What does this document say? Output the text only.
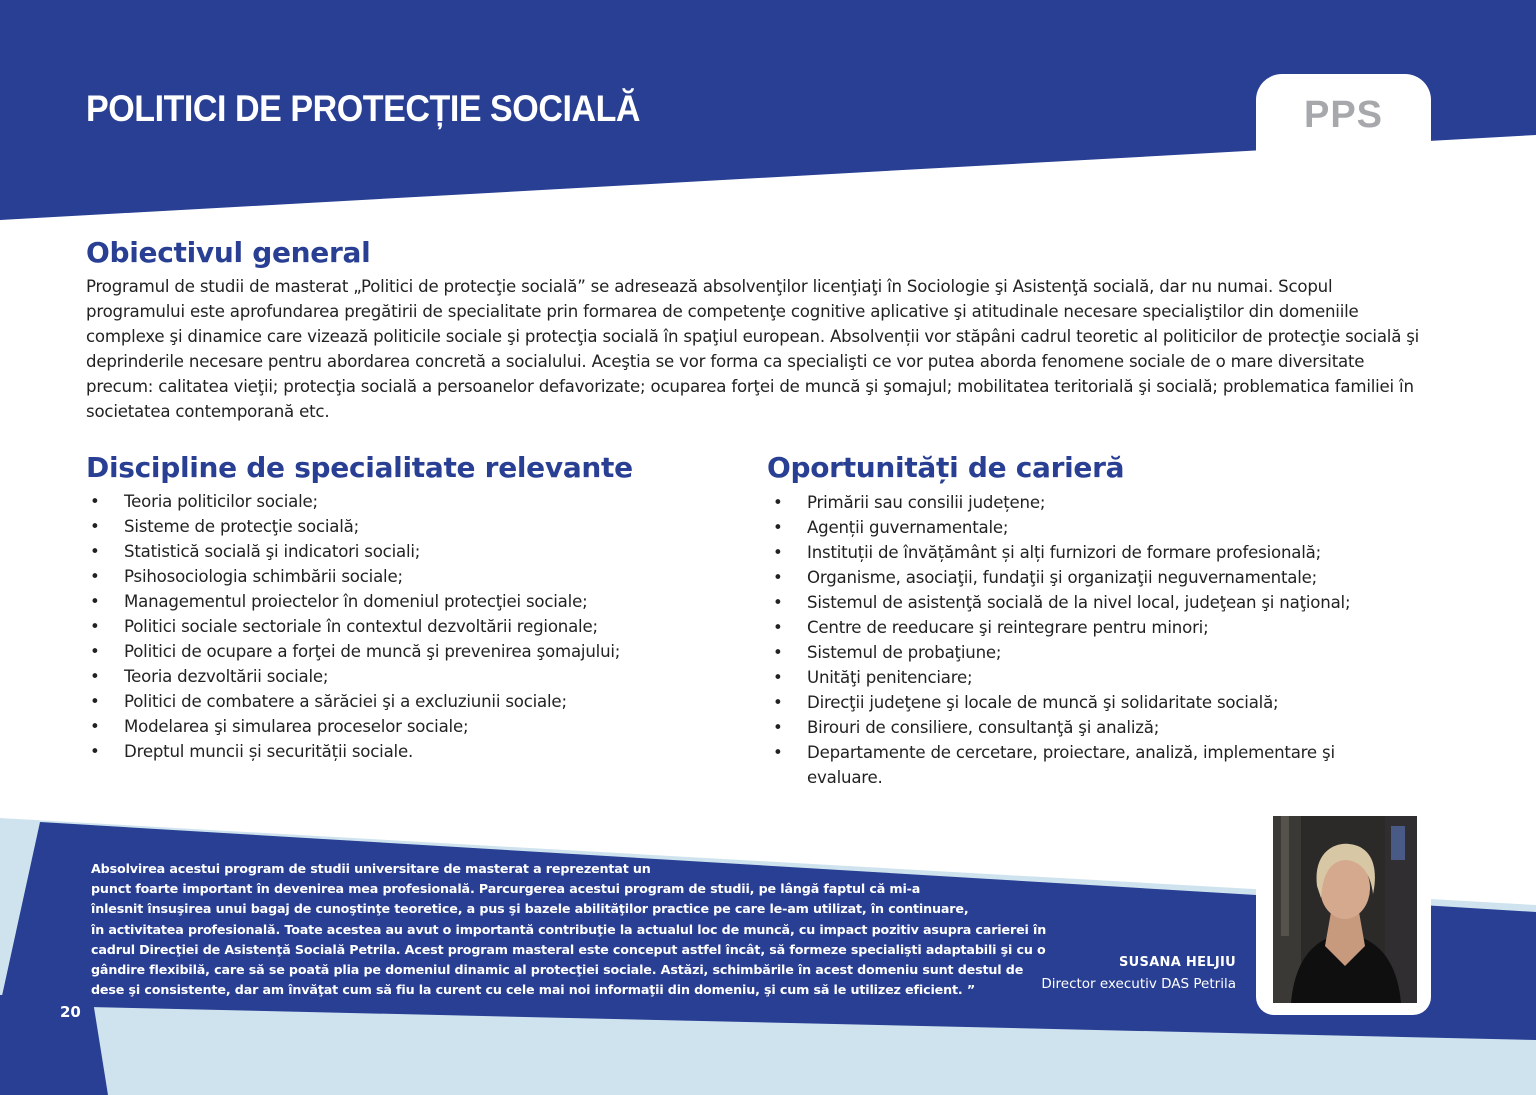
POLITICI DE PROTECȚIE SOCIALĂ	PPS
Obiectivul general

Programul de studii de masterat „Politici de protecţie socială” se adresează absolvenţilor licenţiaţi în Sociologie şi Asistenţă socială, dar nu numai. Scopul programului este aprofundarea pregătirii de specialitate prin formarea de competenţe cognitive aplicative şi atitudinale necesare specialiştilor din domeniile complexe şi dinamice care vizează politicile sociale şi protecţia socială în spaţiul european. Absolvenții vor stăpâni cadrul teoretic al politicilor de protecţie socială şi deprinderile necesare pentru abordarea concretă a socialului. Aceştia se vor forma ca specialişti ce vor putea aborda fenomene sociale de o mare diversitate precum: calitatea vieţii; protecţia socială a persoanelor defavorizate; ocuparea forţei de muncă şi şomajul; mobilitatea teritorială şi socială; problematica familiei în societatea contemporană etc.

Discipline de specialitate relevante
• Teoria politicilor sociale;
• Sisteme de protecţie socială;
• Statistică socială şi indicatori sociali;
• Psihosociologia schimbării sociale;
• Managementul proiectelor în domeniul protecţiei sociale;
• Politici sociale sectoriale în contextul dezvoltării regionale;
• Politici de ocupare a forţei de muncă şi prevenirea şomajului;
• Teoria dezvoltării sociale;
• Politici de combatere a sărăciei şi a excluziunii sociale;
• Modelarea şi simularea proceselor sociale;
• Dreptul muncii și securității sociale.
Oportunități de carieră
• Primării sau consilii județene;
• Agenții guvernamentale;
• Instituții de învățământ și alți furnizori de formare profesională;
• Organisme, asociaţii, fundaţii şi organizaţii neguvernamentale;
• Sistemul de asistenţă socială de la nivel local, judeţean şi naţional;
• Centre de reeducare şi reintegrare pentru minori;
• Sistemul de probaţiune;
• Unităţi penitenciare;
• Direcţii judeţene şi locale de muncă şi solidaritate socială;
• Birouri de consiliere, consultanţă şi analiză;
• Departamente de cercetare, proiectare, analiză, implementare şi evaluare.
Absolvirea acestui program de studii universitare de masterat a reprezentat un
punct foarte important în devenirea mea profesională. Parcurgerea acestui program de studii, pe lângă faptul că mi-a
înlesnit însuşirea unui bagaj de cunoştinţe teoretice, a pus şi bazele abilităţilor practice pe care le-am utilizat, în continuare,
în activitatea profesională. Toate acestea au avut o importantă contribuţie la actualul loc de muncă, cu impact pozitiv asupra carierei în
cadrul Direcţiei de Asistenţă Socială Petrila. Acest program masteral este conceput astfel încât, să formeze specialişti adaptabili şi cu o
gândire flexibilă, care să se poată plia pe domeniul dinamic al protecţiei sociale. Astăzi, schimbările în acest domeniu sunt destul de
dese şi consistente, dar am învăţat cum să fiu la curent cu cele mai noi informaţii din domeniu, şi cum să le utilizez eficient. ”
SUSANA HELJIU
Director executiv DAS Petrila
20
